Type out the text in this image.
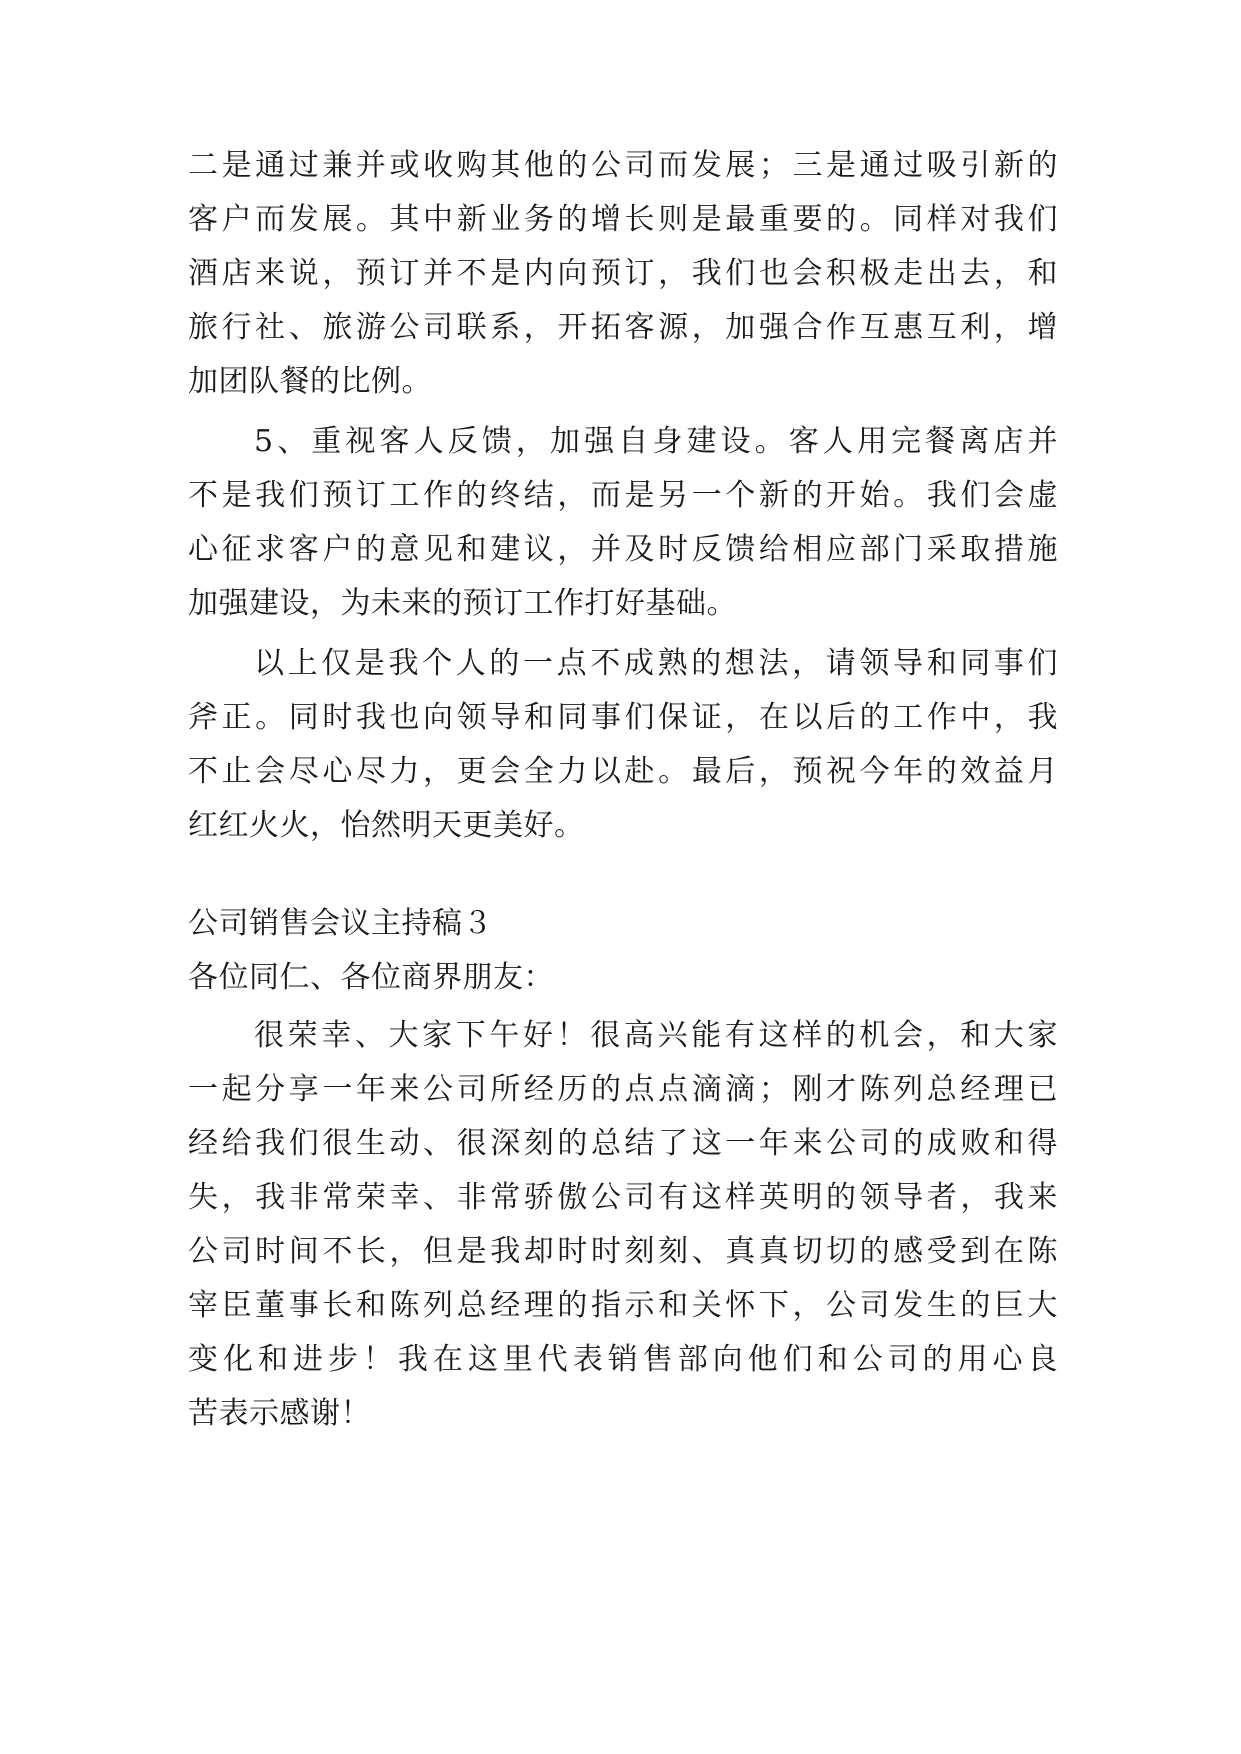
二是通过兼并或收购其他的公司而发展；三是通过吸引新的
客户而发展。其中新业务的增长则是最重要的。同样对我们
酒店来说，预订并不是内向预订，我们也会积极走出去，和
旅行社、旅游公司联系，开拓客源，加强合作互惠互利，增
加团队餐的比例。
5、重视客人反馈，加强自身建设。客人用完餐离店并
不是我们预订工作的终结，而是另一个新的开始。我们会虚
心征求客户的意见和建议，并及时反馈给相应部门采取措施
加强建设，为未来的预订工作打好基础。
以上仅是我个人的一点不成熟的想法，请领导和同事们
斧正。同时我也向领导和同事们保证，在以后的工作中，我
不止会尽心尽力，更会全力以赴。最后，预祝今年的效益月
红红火火，怡然明天更美好。
公司销售会议主持稿３
各位同仁、各位商界朋友：
很荣幸、大家下午好！很高兴能有这样的机会，和大家
一起分享一年来公司所经历的点点滴滴；刚才陈列总经理已
经给我们很生动、很深刻的总结了这一年来公司的成败和得
失，我非常荣幸、非常骄傲公司有这样英明的领导者，我来
公司时间不长，但是我却时时刻刻、真真切切的感受到在陈
宰臣董事长和陈列总经理的指示和关怀下，公司发生的巨大
变化和进步！我在这里代表销售部向他们和公司的用心良
苦表示感谢！
